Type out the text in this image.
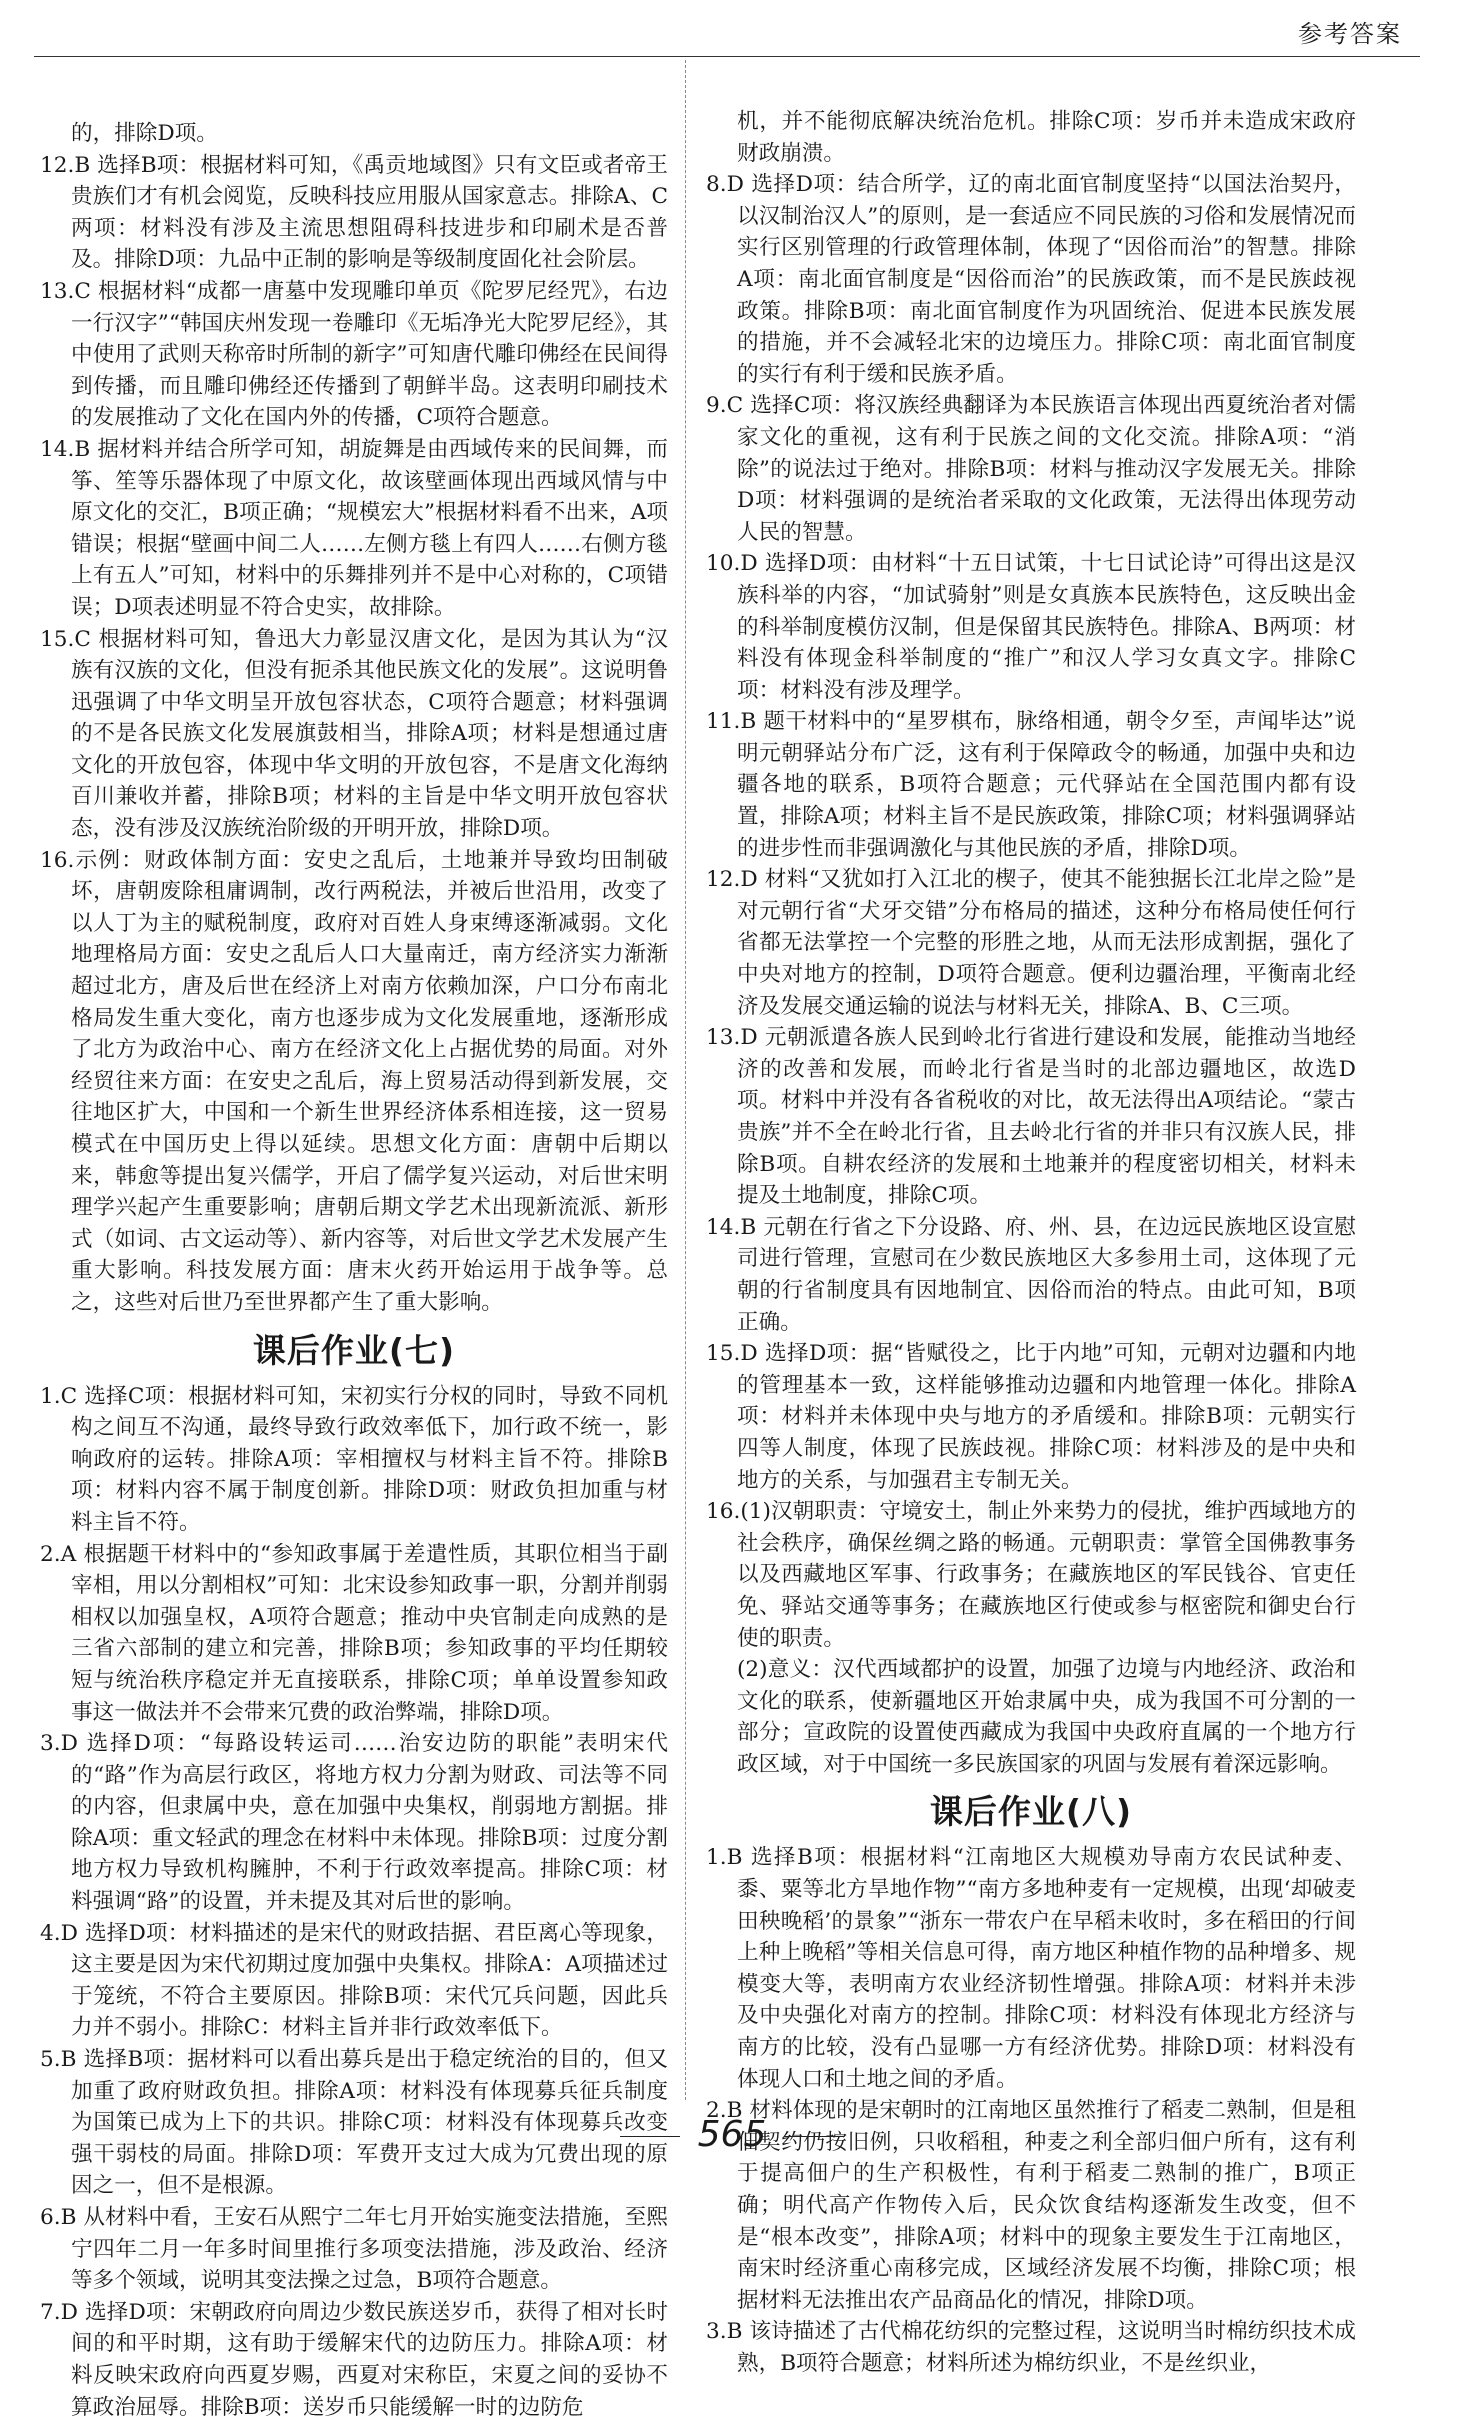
参考答案

的，排除D项。

12.B 选择B项：根据材料可知，《禹贡地域图》只有文臣或者帝王贵族们才有机会阅览，反映科技应用服从国家意志。排除A、C两项：材料没有涉及主流思想阻碍科技进步和印刷术是否普及。排除D项：九品中正制的影响是等级制度固化社会阶层。

13.C 根据材料“成都一唐墓中发现雕印单页《陀罗尼经咒》，右边一行汉字”“韩国庆州发现一卷雕印《无垢净光大陀罗尼经》，其中使用了武则天称帝时所制的新字”可知唐代雕印佛经在民间得到传播，而且雕印佛经还传播到了朝鲜半岛。这表明印刷技术的发展推动了文化在国内外的传播，C项符合题意。

14.B 据材料并结合所学可知，胡旋舞是由西域传来的民间舞，而筝、笙等乐器体现了中原文化，故该壁画体现出西域风情与中原文化的交汇，B项正确；“规模宏大”根据材料看不出来，A项错误；根据“壁画中间二人……左侧方毯上有四人……右侧方毯上有五人”可知，材料中的乐舞排列并不是中心对称的，C项错误；D项表述明显不符合史实，故排除。

15.C 根据材料可知，鲁迅大力彰显汉唐文化，是因为其认为“汉族有汉族的文化，但没有扼杀其他民族文化的发展”。这说明鲁迅强调了中华文明呈开放包容状态，C项符合题意；材料强调的不是各民族文化发展旗鼓相当，排除A项；材料是想通过唐文化的开放包容，体现中华文明的开放包容，不是唐文化海纳百川兼收并蓄，排除B项；材料的主旨是中华文明开放包容状态，没有涉及汉族统治阶级的开明开放，排除D项。

16.示例：财政体制方面：安史之乱后，土地兼并导致均田制破坏，唐朝废除租庸调制，改行两税法，并被后世沿用，改变了以人丁为主的赋税制度，政府对百姓人身束缚逐渐减弱。文化地理格局方面：安史之乱后人口大量南迁，南方经济实力渐渐超过北方，唐及后世在经济上对南方依赖加深，户口分布南北格局发生重大变化，南方也逐步成为文化发展重地，逐渐形成了北方为政治中心、南方在经济文化上占据优势的局面。对外经贸往来方面：在安史之乱后，海上贸易活动得到新发展，交往地区扩大，中国和一个新生世界经济体系相连接，这一贸易模式在中国历史上得以延续。思想文化方面：唐朝中后期以来，韩愈等提出复兴儒学，开启了儒学复兴运动，对后世宋明理学兴起产生重要影响；唐朝后期文学艺术出现新流派、新形式（如词、古文运动等）、新内容等，对后世文学艺术发展产生重大影响。科技发展方面：唐末火药开始运用于战争等。总之，这些对后世乃至世界都产生了重大影响。

课后作业(七)

1.C 选择C项：根据材料可知，宋初实行分权的同时，导致不同机构之间互不沟通，最终导致行政效率低下，加行政不统一，影响政府的运转。排除A项：宰相擅权与材料主旨不符。排除B项：材料内容不属于制度创新。排除D项：财政负担加重与材料主旨不符。

2.A 根据题干材料中的“参知政事属于差遣性质，其职位相当于副宰相，用以分割相权”可知：北宋设参知政事一职，分割并削弱相权以加强皇权，A项符合题意；推动中央官制走向成熟的是三省六部制的建立和完善，排除B项；参知政事的平均任期较短与统治秩序稳定并无直接联系，排除C项；单单设置参知政事这一做法并不会带来冗费的政治弊端，排除D项。

3.D 选择D项：“每路设转运司……治安边防的职能”表明宋代的“路”作为高层行政区，将地方权力分割为财政、司法等不同的内容，但隶属中央，意在加强中央集权，削弱地方割据。排除A项：重文轻武的理念在材料中未体现。排除B项：过度分割地方权力导致机构臃肿，不利于行政效率提高。排除C项：材料强调“路”的设置，并未提及其对后世的影响。

4.D 选择D项：材料描述的是宋代的财政拮据、君臣离心等现象，这主要是因为宋代初期过度加强中央集权。排除A：A项描述过于笼统，不符合主要原因。排除B项：宋代冗兵问题，因此兵力并不弱小。排除C：材料主旨并非行政效率低下。

5.B 选择B项：据材料可以看出募兵是出于稳定统治的目的，但又加重了政府财政负担。排除A项：材料没有体现募兵征兵制度为国策已成为上下的共识。排除C项：材料没有体现募兵改变强干弱枝的局面。排除D项：军费开支过大成为冗费出现的原因之一，但不是根源。

6.B 从材料中看，王安石从熙宁二年七月开始实施变法措施，至熙宁四年二月一年多时间里推行多项变法措施，涉及政治、经济等多个领域，说明其变法操之过急，B项符合题意。

7.D 选择D项：宋朝政府向周边少数民族送岁币，获得了相对长时间的和平时期，这有助于缓解宋代的边防压力。排除A项：材料反映宋政府向西夏岁赐，西夏对宋称臣，宋夏之间的妥协不算政治屈辱。排除B项：送岁币只能缓解一时的边防危

机，并不能彻底解决统治危机。排除C项：岁币并未造成宋政府财政崩溃。

8.D 选择D项：结合所学，辽的南北面官制度坚持“以国法治契丹，以汉制治汉人”的原则，是一套适应不同民族的习俗和发展情况而实行区别管理的行政管理体制，体现了“因俗而治”的智慧。排除A项：南北面官制度是“因俗而治”的民族政策，而不是民族歧视政策。排除B项：南北面官制度作为巩固统治、促进本民族发展的措施，并不会减轻北宋的边境压力。排除C项：南北面官制度的实行有利于缓和民族矛盾。

9.C 选择C项：将汉族经典翻译为本民族语言体现出西夏统治者对儒家文化的重视，这有利于民族之间的文化交流。排除A项：“消除”的说法过于绝对。排除B项：材料与推动汉字发展无关。排除D项：材料强调的是统治者采取的文化政策，无法得出体现劳动人民的智慧。

10.D 选择D项：由材料“十五日试策，十七日试论诗”可得出这是汉族科举的内容，“加试骑射”则是女真族本民族特色，这反映出金的科举制度模仿汉制，但是保留其民族特色。排除A、B两项：材料没有体现金科举制度的“推广”和汉人学习女真文字。排除C项：材料没有涉及理学。

11.B 题干材料中的“星罗棋布，脉络相通，朝令夕至，声闻毕达”说明元朝驿站分布广泛，这有利于保障政令的畅通，加强中央和边疆各地的联系，B项符合题意；元代驿站在全国范围内都有设置，排除A项；材料主旨不是民族政策，排除C项；材料强调驿站的进步性而非强调激化与其他民族的矛盾，排除D项。

12.D 材料“又犹如打入江北的楔子，使其不能独据长江北岸之险”是对元朝行省“犬牙交错”分布格局的描述，这种分布格局使任何行省都无法掌控一个完整的形胜之地，从而无法形成割据，强化了中央对地方的控制，D项符合题意。便利边疆治理，平衡南北经济及发展交通运输的说法与材料无关，排除A、B、C三项。

13.D 元朝派遣各族人民到岭北行省进行建设和发展，能推动当地经济的改善和发展，而岭北行省是当时的北部边疆地区，故选D项。材料中并没有各省税收的对比，故无法得出A项结论。“蒙古贵族”并不全在岭北行省，且去岭北行省的并非只有汉族人民，排除B项。自耕农经济的发展和土地兼并的程度密切相关，材料未提及土地制度，排除C项。

14.B 元朝在行省之下分设路、府、州、县，在边远民族地区设宣慰司进行管理，宣慰司在少数民族地区大多参用土司，这体现了元朝的行省制度具有因地制宜、因俗而治的特点。由此可知，B项正确。

15.D 选择D项：据“皆赋役之，比于内地”可知，元朝对边疆和内地的管理基本一致，这样能够推动边疆和内地管理一体化。排除A项：材料并未体现中央与地方的矛盾缓和。排除B项：元朝实行四等人制度，体现了民族歧视。排除C项：材料涉及的是中央和地方的关系，与加强君主专制无关。

16.(1)汉朝职责：守境安土，制止外来势力的侵扰，维护西域地方的社会秩序，确保丝绸之路的畅通。元朝职责：掌管全国佛教事务以及西藏地区军事、行政事务；在藏族地区的军民钱谷、官吏任免、驿站交通等事务；在藏族地区行使或参与枢密院和御史台行使的职责。

(2)意义：汉代西域都护的设置，加强了边境与内地经济、政治和文化的联系，使新疆地区开始隶属中央，成为我国不可分割的一部分；宣政院的设置使西藏成为我国中央政府直属的一个地方行政区域，对于中国统一多民族国家的巩固与发展有着深远影响。

课后作业(八)

1.B 选择B项：根据材料“江南地区大规模劝导南方农民试种麦、黍、粟等北方旱地作物”“南方多地种麦有一定规模，出现‘却破麦田秧晚稻’的景象”“浙东一带农户在早稻未收时，多在稻田的行间上种上晚稻”等相关信息可得，南方地区种植作物的品种增多、规模变大等，表明南方农业经济韧性增强。排除A项：材料并未涉及中央强化对南方的控制。排除C项：材料没有体现北方经济与南方的比较，没有凸显哪一方有经济优势。排除D项：材料没有体现人口和土地之间的矛盾。

2.B 材料体现的是宋朝时的江南地区虽然推行了稻麦二熟制，但是租佃契约仍按旧例，只收稻租，种麦之利全部归佃户所有，这有利于提高佃户的生产积极性，有利于稻麦二熟制的推广，B项正确；明代高产作物传入后，民众饮食结构逐渐发生改变，但不是“根本改变”，排除A项；材料中的现象主要发生于江南地区，南宋时经济重心南移完成，区域经济发展不均衡，排除C项；根据材料无法推出农产品商品化的情况，排除D项。

3.B 该诗描述了古代棉花纺织的完整过程，这说明当时棉纺织技术成熟，B项符合题意；材料所述为棉纺织业，不是丝织业，

565
